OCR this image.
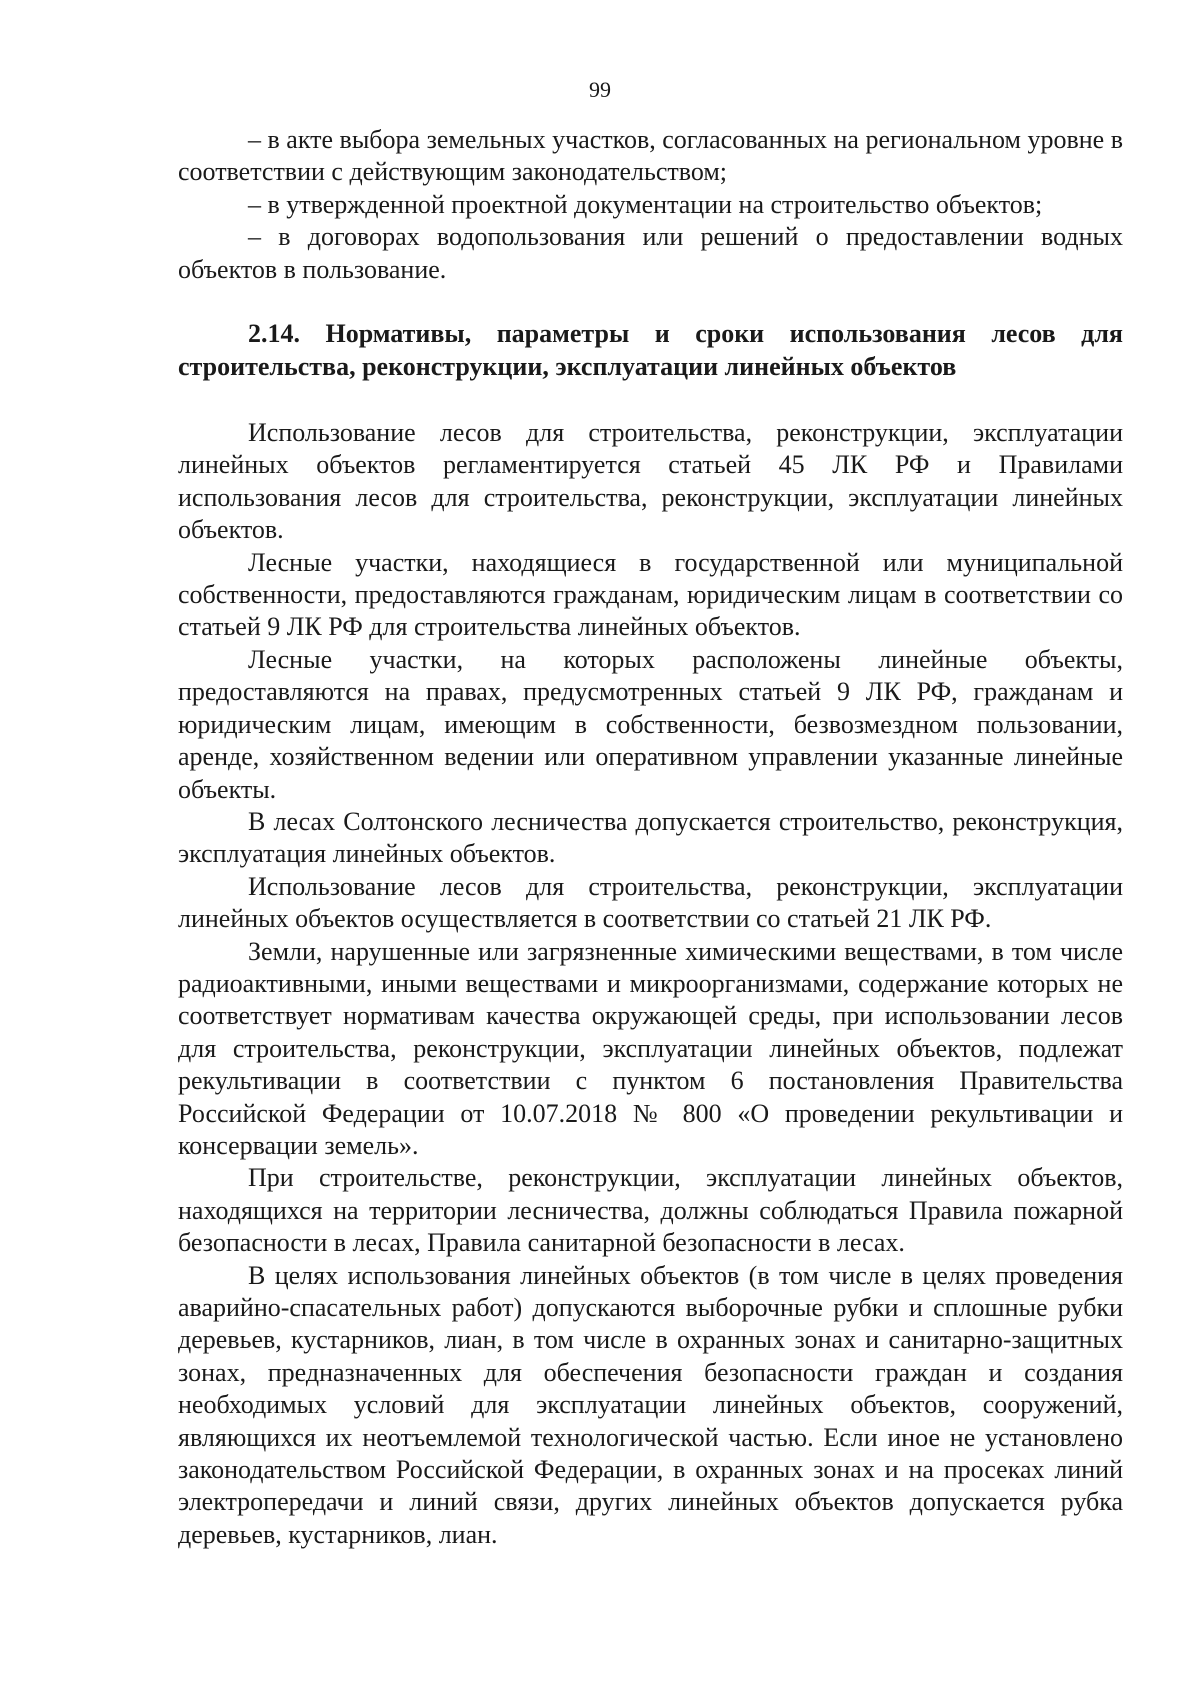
99

– в акте выбора земельных участков, согласованных на региональном уровне в соответствии с действующим законодательством;

– в утвержденной проектной документации на строительство объектов;

– в договорах водопользования или решений о предоставлении водных объектов в пользование.

2.14. Нормативы, параметры и сроки использования лесов для строительства, реконструкции, эксплуатации линейных объектов

Использование лесов для строительства, реконструкции, эксплуатации линейных объектов регламентируется статьей 45 ЛК РФ и Правилами использования лесов для строительства, реконструкции, эксплуатации линейных объектов.

Лесные участки, находящиеся в государственной или муниципальной собственности, предоставляются гражданам, юридическим лицам в соответствии со статьей 9 ЛК РФ для строительства линейных объектов.

Лесные участки, на которых расположены линейные объекты, предоставляются на правах, предусмотренных статьей 9 ЛК РФ, гражданам и юридическим лицам, имеющим в собственности, безвозмездном пользовании, аренде, хозяйственном ведении или оперативном управлении указанные линейные объекты.

В лесах Солтонского лесничества допускается строительство, реконструкция, эксплуатация линейных объектов.

Использование лесов для строительства, реконструкции, эксплуатации линейных объектов осуществляется в соответствии со статьей 21 ЛК РФ.

Земли, нарушенные или загрязненные химическими веществами, в том числе радиоактивными, иными веществами и микроорганизмами, содержание которых не соответствует нормативам качества окружающей среды, при использовании лесов для строительства, реконструкции, эксплуатации линейных объектов, подлежат рекультивации в соответствии с пунктом 6 постановления Правительства Российской Федерации от 10.07.2018 № 800 «О проведении рекультивации и консервации земель».

При строительстве, реконструкции, эксплуатации линейных объектов, находящихся на территории лесничества, должны соблюдаться Правила пожарной безопасности в лесах, Правила санитарной безопасности в лесах.

В целях использования линейных объектов (в том числе в целях проведения аварийно-спасательных работ) допускаются выборочные рубки и сплошные рубки деревьев, кустарников, лиан, в том числе в охранных зонах и санитарно-защитных зонах, предназначенных для обеспечения безопасности граждан и создания необходимых условий для эксплуатации линейных объектов, сооружений, являющихся их неотъемлемой технологической частью. Если иное не установлено законодательством Российской Федерации, в охранных зонах и на просеках линий электропередачи и линий связи, других линейных объектов допускается рубка деревьев, кустарников, лиан.
